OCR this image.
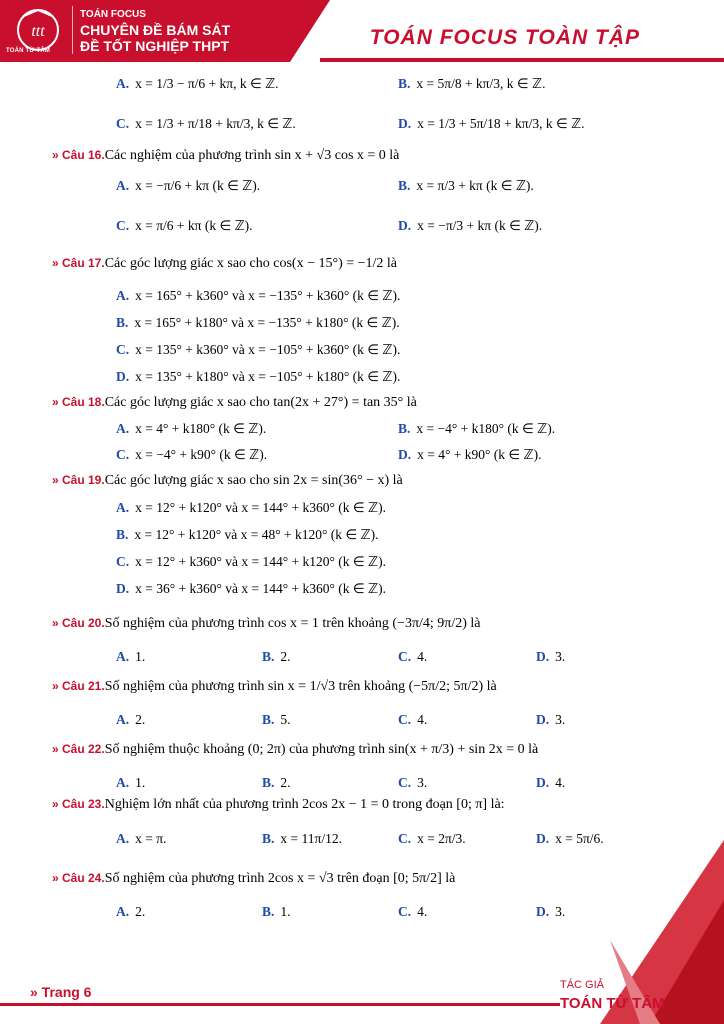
ttt
TOÁN TỪ TÂM
TOÁN FOCUS
CHUYÊN ĐỀ BÁM SÁT
ĐỀ TỐT NGHIỆP THPT	TOÁN FOCUS TOÀN TẬP
A. x = 1/3 − π/6 + kπ, k ∈ ℤ.	B. x = 5π/8 + kπ/3, k ∈ ℤ.
C. x = 1/3 + π/18 + kπ/3, k ∈ ℤ.	D. x = 1/3 + 5π/18 + kπ/3, k ∈ ℤ.
» Câu 16.Các nghiệm của phương trình sin x + √3 cos x = 0 là
A. x = −π/6 + kπ (k ∈ ℤ).	B. x = π/3 + kπ (k ∈ ℤ).
C. x = π/6 + kπ (k ∈ ℤ).	D. x = −π/3 + kπ (k ∈ ℤ).
» Câu 17.Các góc lượng giác x sao cho cos(x − 15°) = −1/2 là
A. x = 165° + k360° và x = −135° + k360° (k ∈ ℤ).
B. x = 165° + k180° và x = −135° + k180° (k ∈ ℤ).
C. x = 135° + k360° và x = −105° + k360° (k ∈ ℤ).
D. x = 135° + k180° và x = −105° + k180° (k ∈ ℤ).
» Câu 18.Các góc lượng giác x sao cho tan(2x + 27°) = tan 35° là
A. x = 4° + k180° (k ∈ ℤ).	B. x = −4° + k180° (k ∈ ℤ).
C. x = −4° + k90° (k ∈ ℤ).	D. x = 4° + k90° (k ∈ ℤ).
» Câu 19.Các góc lượng giác x sao cho sin 2x = sin(36° − x) là
A. x = 12° + k120° và x = 144° + k360° (k ∈ ℤ).
B. x = 12° + k120° và x = 48° + k120° (k ∈ ℤ).
C. x = 12° + k360° và x = 144° + k120° (k ∈ ℤ).
D. x = 36° + k360° và x = 144° + k360° (k ∈ ℤ).
» Câu 20.Số nghiệm của phương trình cos x = 1 trên khoảng (−3π/4; 9π/2) là
A. 1.	B. 2.	C. 4.	D. 3.
» Câu 21.Số nghiệm của phương trình sin x = 1/√3 trên khoảng (−5π/2; 5π/2) là
A. 2.	B. 5.	C. 4.	D. 3.
» Câu 22.Số nghiệm thuộc khoảng (0; 2π) của phương trình sin(x + π/3) + sin 2x = 0 là
A. 1.	B. 2.	C. 3.	D. 4.
» Câu 23.Nghiệm lớn nhất của phương trình 2cos 2x − 1 = 0 trong đoạn [0; π] là:
A. x = π.	B. x = 11π/12.	C. x = 2π/3.	D. x = 5π/6.
» Câu 24.Số nghiệm của phương trình 2cos x = √3 trên đoạn [0; 5π/2] là
A. 2.	B. 1.	C. 4.	D. 3.
» Trang 6	TÁC GIẢ
TOÁN TỪ TÂM
